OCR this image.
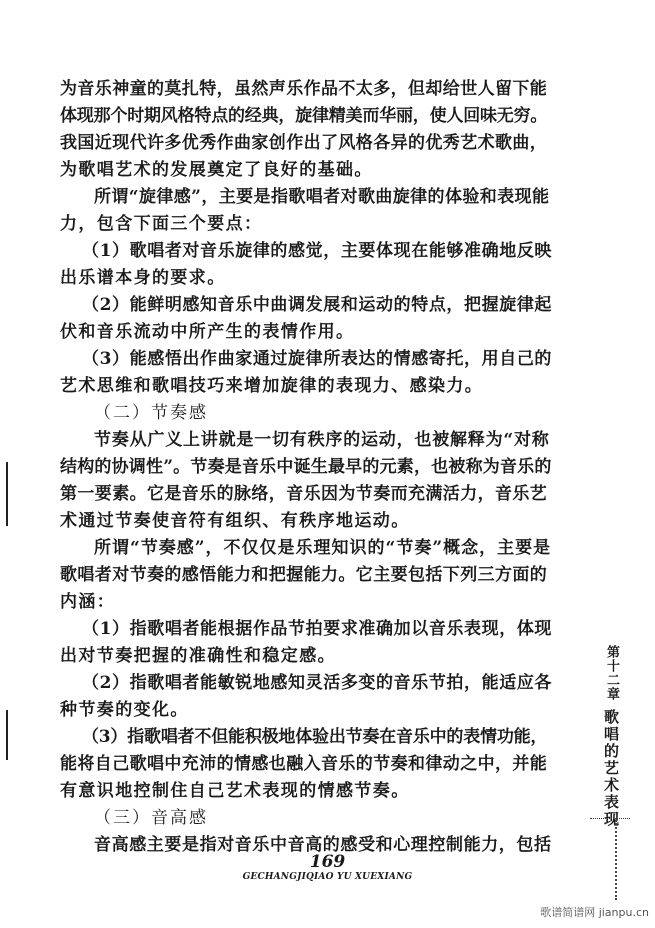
为音乐神童的莫扎特，虽然声乐作品不太多，但却给世人留下能
体现那个时期风格特点的经典，旋律精美而华丽，使人回味无穷。
我国近现代许多优秀作曲家创作出了风格各异的优秀艺术歌曲，
为歌唱艺术的发展奠定了良好的基础。
所谓“旋律感”，主要是指歌唱者对歌曲旋律的体验和表现能
力，包含下面三个要点：
（1）歌唱者对音乐旋律的感觉，主要体现在能够准确地反映
出乐谱本身的要求。
（2）能鲜明感知音乐中曲调发展和运动的特点，把握旋律起
伏和音乐流动中所产生的表情作用。
（3）能感悟出作曲家通过旋律所表达的情感寄托，用自己的
艺术思维和歌唱技巧来增加旋律的表现力、感染力。
（二）节奏感
节奏从广义上讲就是一切有秩序的运动，也被解释为“对称
结构的协调性”。节奏是音乐中诞生最早的元素，也被称为音乐的
第一要素。它是音乐的脉络，音乐因为节奏而充满活力，音乐艺
术通过节奏使音符有组织、有秩序地运动。
所谓“节奏感”，不仅仅是乐理知识的“节奏”概念，主要是
歌唱者对节奏的感悟能力和把握能力。它主要包括下列三方面的
内涵：
（1）指歌唱者能根据作品节拍要求准确加以音乐表现，体现
出对节奏把握的准确性和稳定感。
（2）指歌唱者能敏锐地感知灵活多变的音乐节拍，能适应各
种节奏的变化。
（3）指歌唱者不但能积极地体验出节奏在音乐中的表情功能，
能将自己歌唱中充沛的情感也融入音乐的节奏和律动之中，并能
有意识地控制住自己艺术表现的情感节奏。
（三）音高感
音高感主要是指对音乐中音高的感受和心理控制能力，包括
第十二章
歌唱的艺术表现
169
GECHANGJIQIAO YU XUEXIANG
歌谱简谱网 jianpu.cn
